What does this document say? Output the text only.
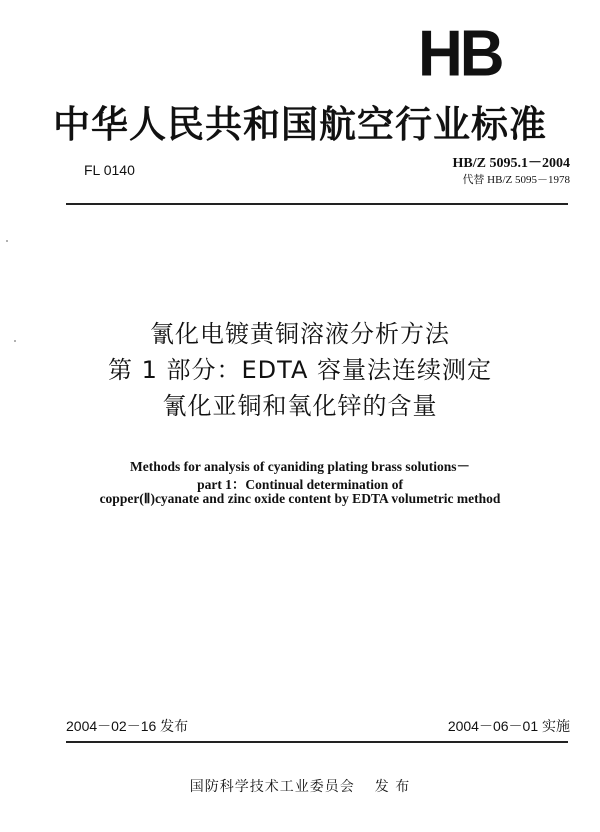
HB
中华人民共和国航空行业标准
FL 0140	HB/Z 5095.1－2004
代替 HB/Z 5095－1978
氰化电镀黄铜溶液分析方法
第 1 部分：EDTA 容量法连续测定
氰化亚铜和氧化锌的含量
Methods for analysis of cyaniding plating brass solutions－
part 1：Continual determination of
copper(Ⅱ)cyanate and zinc oxide content by EDTA volumetric method
2004－02－16 发布	2004－06－01 实施
国防科学技术工业委员会 发 布
